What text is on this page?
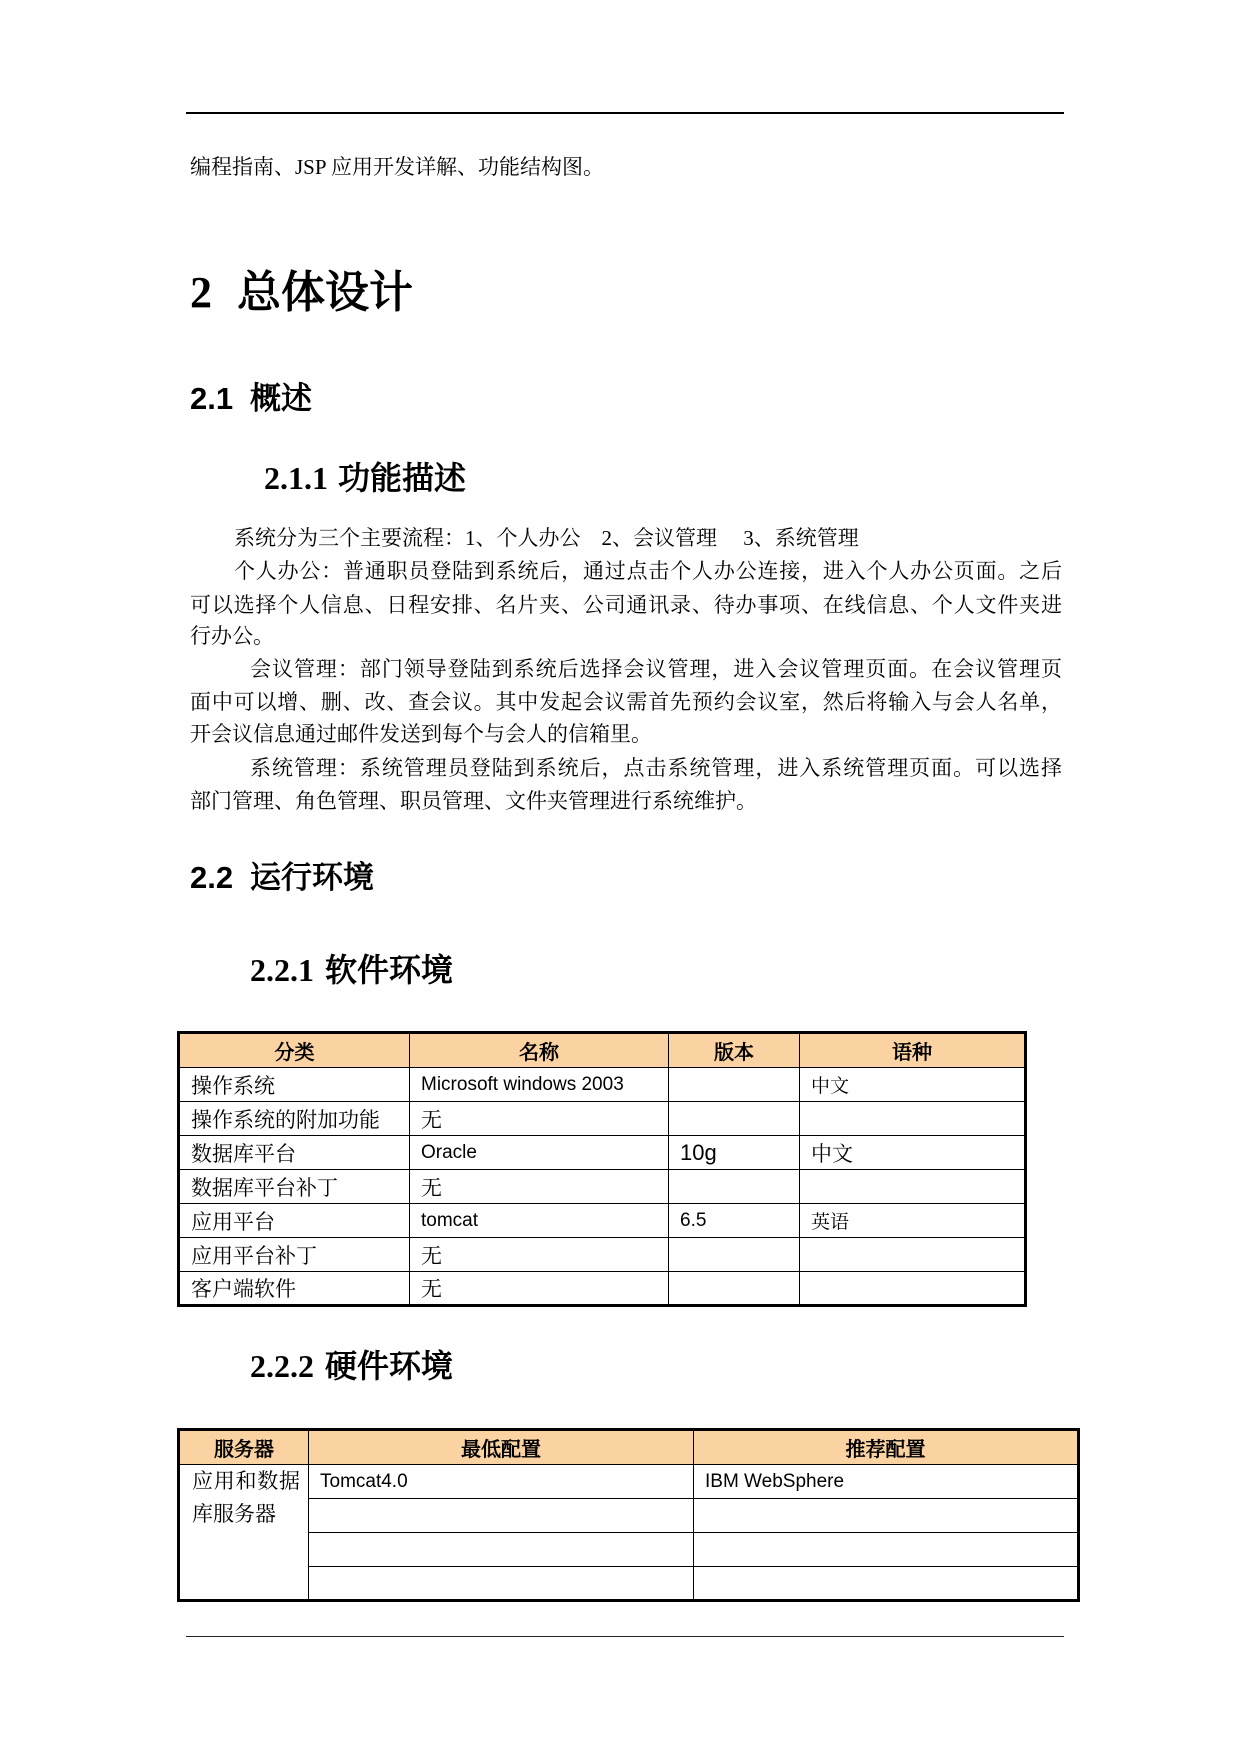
编程指南、JSP 应用开发详解、功能结构图。
2 总体设计
2.1 概述
2.1.1 功能描述
系统分为三个主要流程：1、个人办公    2、会议管理     3、系统管理
个人办公：普通职员登陆到系统后，通过点击个人办公连接，进入个人办公页面。之后
可以选择个人信息、日程安排、名片夹、公司通讯录、待办事项、在线信息、个人文件夹进
行办公。
会议管理：部门领导登陆到系统后选择会议管理，进入会议管理页面。在会议管理页
面中可以增、删、改、查会议。其中发起会议需首先预约会议室，然后将输入与会人名单，
开会议信息通过邮件发送到每个与会人的信箱里。
系统管理：系统管理员登陆到系统后，点击系统管理，进入系统管理页面。可以选择
部门管理、角色管理、职员管理、文件夹管理进行系统维护。
2.2 运行环境
2.2.1 软件环境
分类	名称	版本	语种
操作系统	Microsoft windows 2003		中文
操作系统的附加功能	无		
数据库平台	Oracle	10g	中文
数据库平台补丁	无		
应用平台	tomcat	6.5	英语
应用平台补丁	无		
客户端软件	无		
2.2.2 硬件环境
服务器	最低配置	推荐配置
应用和数据库服务器	Tomcat4.0	IBM WebSphere
